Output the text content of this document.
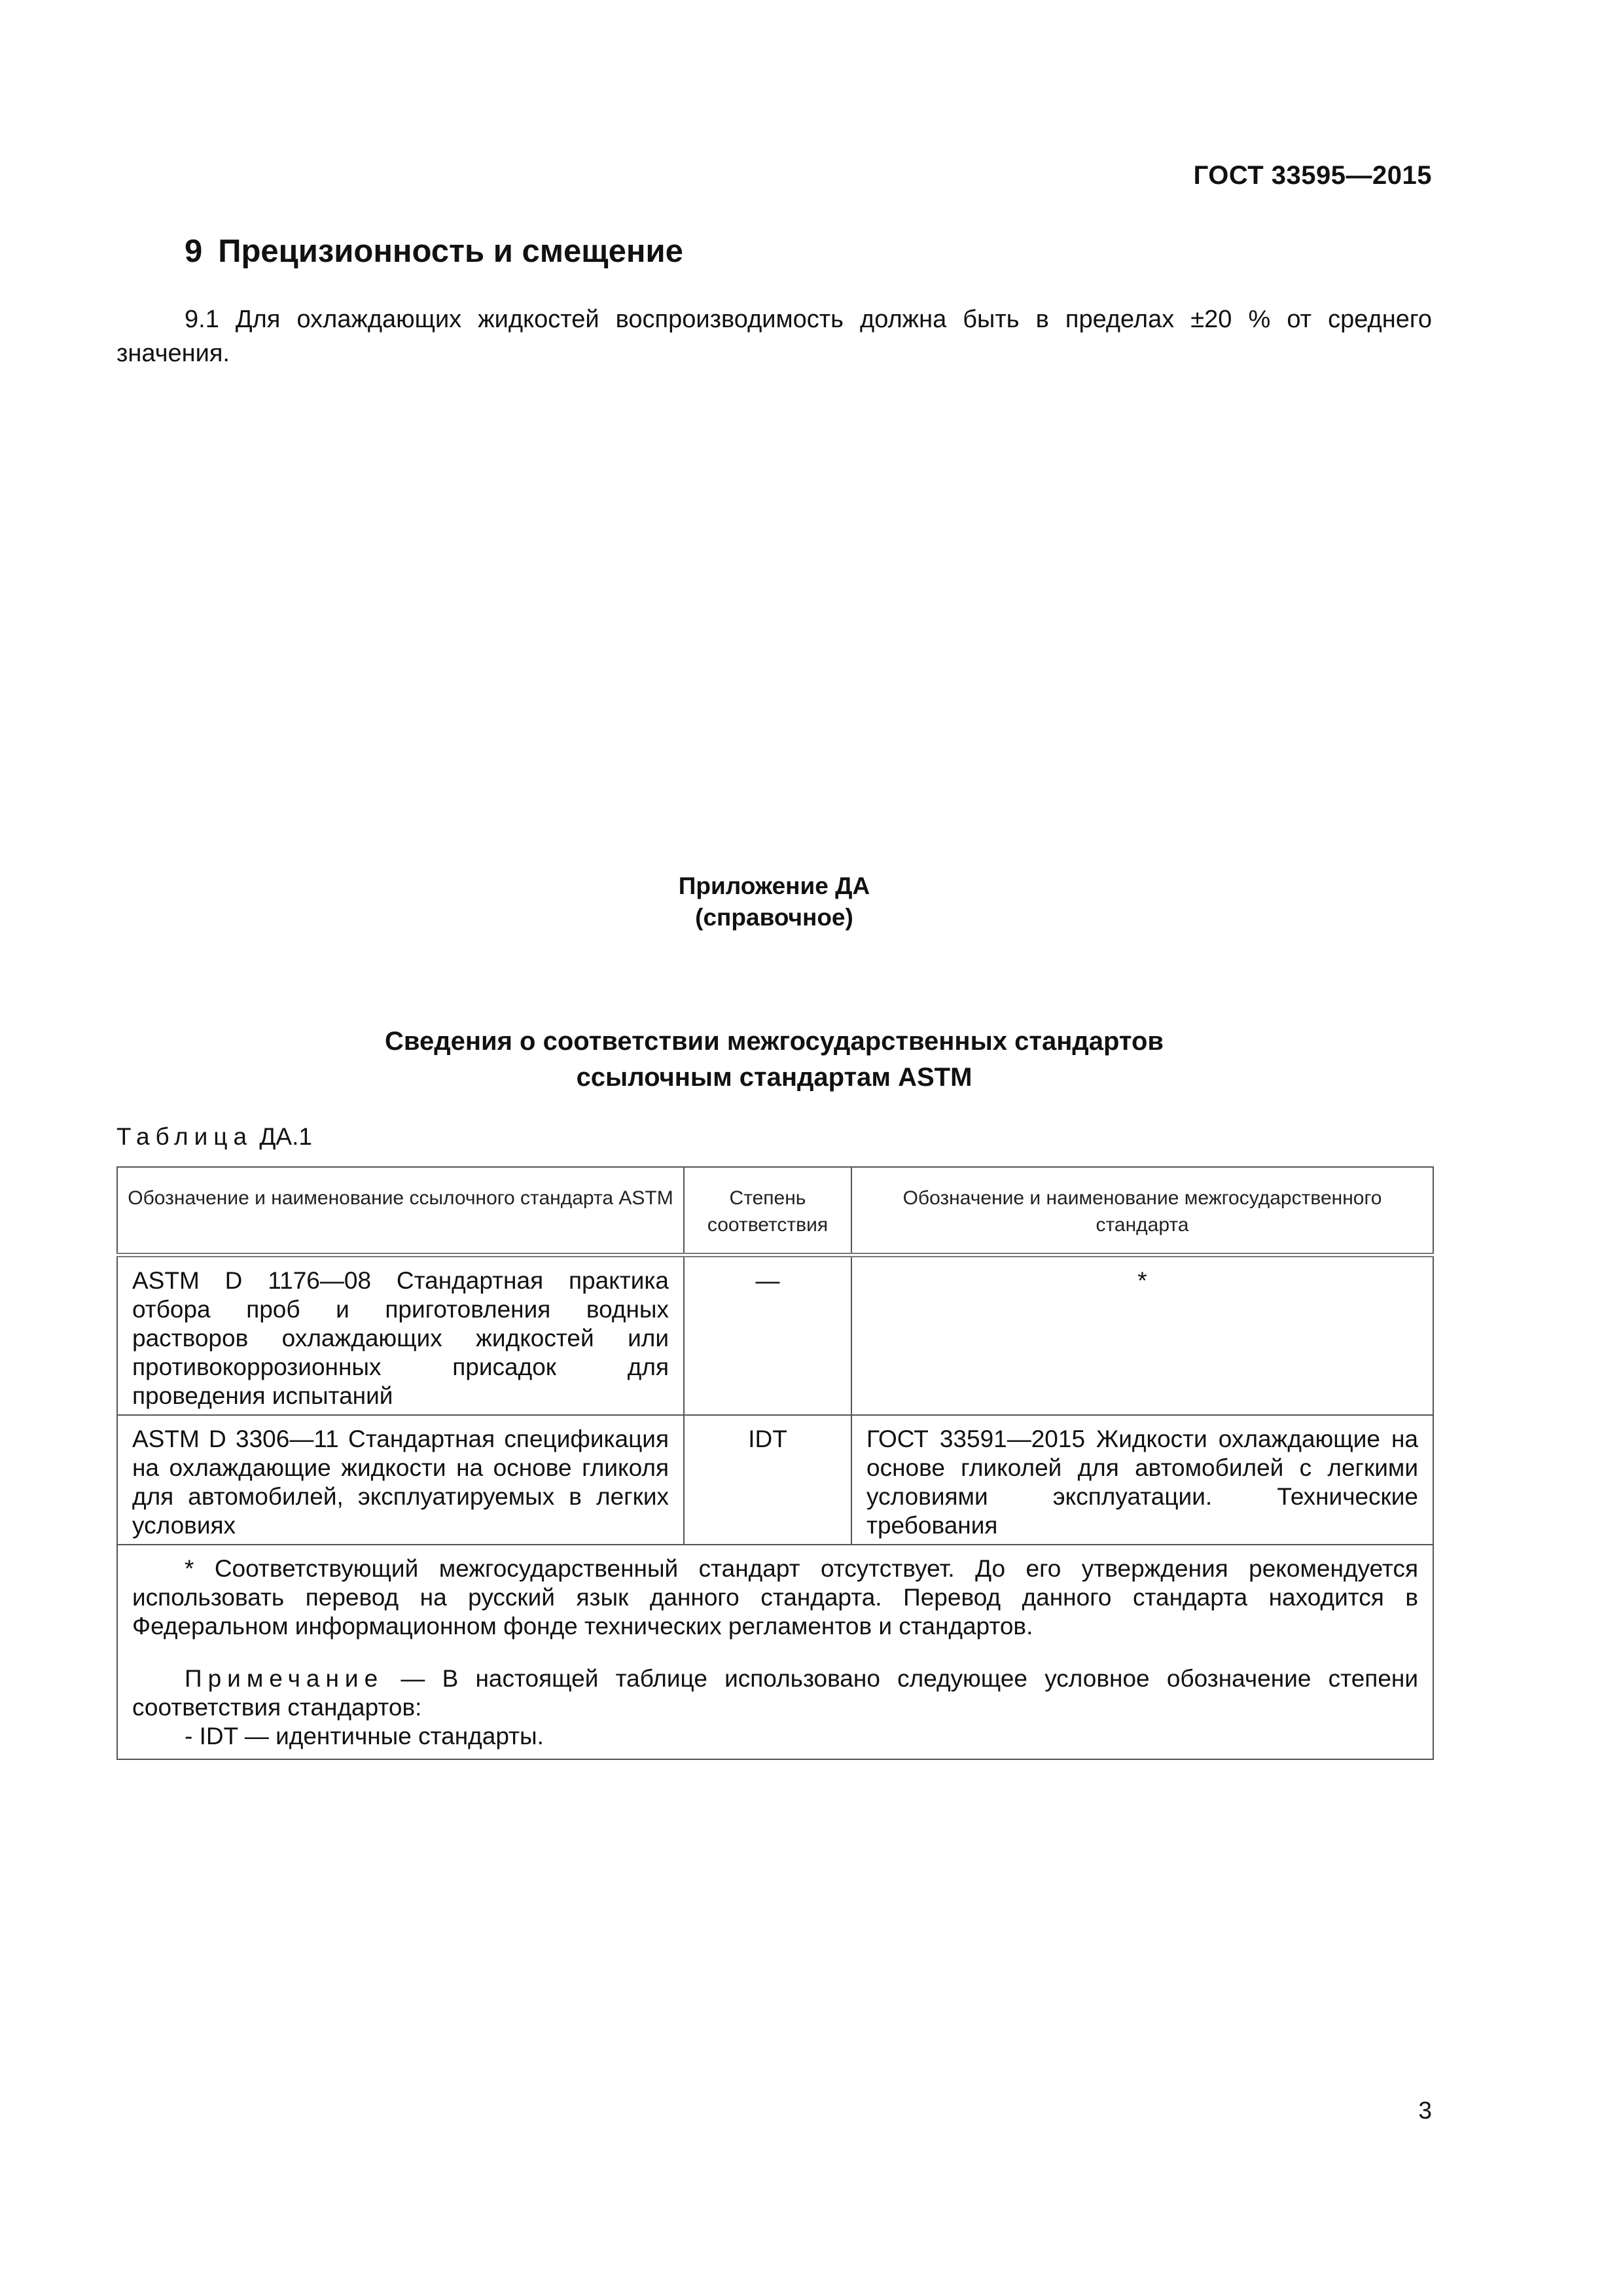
ГОСТ 33595—2015
9 Прецизионность и смещение
9.1 Для охлаждающих жидкостей воспроизводимость должна быть в пределах ±20 % от среднего значения.
Приложение ДА
(справочное)
Сведения о соответствии межгосударственных стандартов
ссылочным стандартам ASTM
Таблица ДА.1
Обозначение и наименование ссылочного стандарта ASTM	Степень соответствия	Обозначение и наименование межгосударственного стандарта
ASTM D 1176—08 Стандартная практика отбора проб и приготовления водных растворов охлаждающих жидкостей или противокоррозионных присадок для проведения испытаний	—	*
ASTM D 3306—11 Стандартная спецификация на охлаждающие жидкости на основе гликоля для автомобилей, эксплуатируемых в легких условиях	IDT	ГОСТ 33591—2015 Жидкости охлаждающие на основе гликолей для автомобилей с легкими условиями эксплуатации. Технические требования

* Соответствующий межгосударственный стандарт отсутствует. До его утверждения рекомендуется использовать перевод на русский язык данного стандарта. Перевод данного стандарта находится в Федеральном информационном фонде технических регламентов и стандартов.

Примечание — В настоящей таблице использовано следующее условное обозначение степени соответствия стандартов:

- IDT — идентичные стандарты.		

3
